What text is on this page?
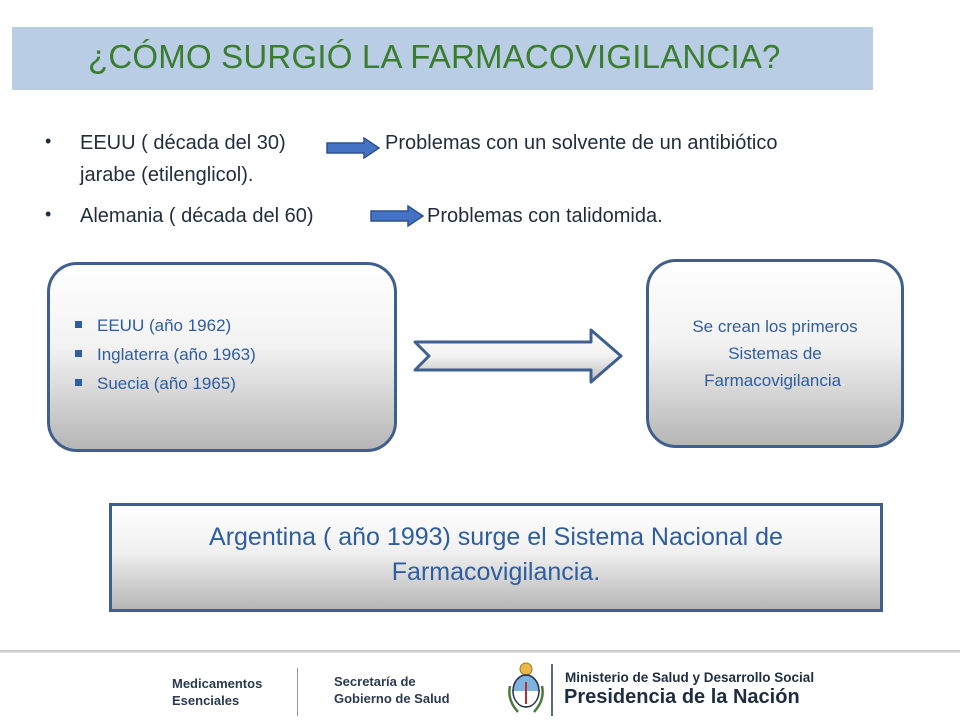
¿CÓMO SURGIÓ LA FARMACOVIGILANCIA?
• EEUU ( década del 30)	Problemas con un solvente de un antibiótico
jarabe (etilenglicol).
• Alemania ( década del 60)	Problemas con talidomida.
EEUU (año 1962)
Inglaterra (año 1963)
Suecia (año 1965)
Se crean los primeros
Sistemas de
Farmacovigilancia.
Argentina ( año 1993) surge el Sistema Nacional de
Farmacovigilancia.
Medicamentos
Esenciales
Secretaría de
Gobierno de Salud
Ministerio de Salud y Desarrollo Social
Presidencia de la Nación
